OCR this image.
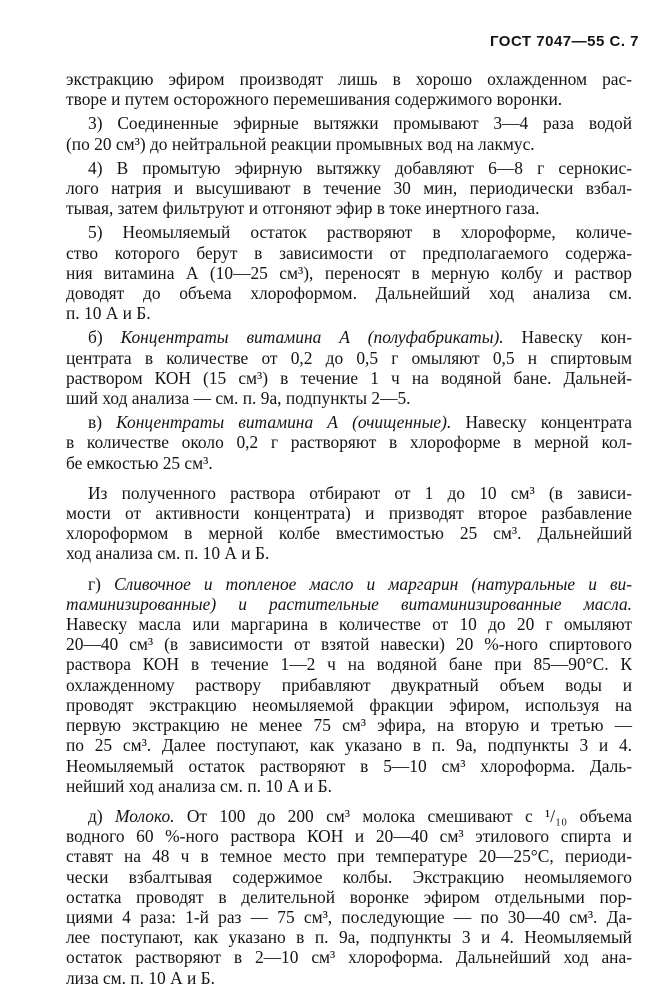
ГОСТ 7047—55 С. 7
экстракцию эфиром производят лишь в хорошо охлажденном рас-
творе и путем осторожного перемешивания содержимого воронки.
3) Соединенные эфирные вытяжки промывают 3—4 раза водой
(по 20 см³) до нейтральной реакции промывных вод на лакмус.
4) В промытую эфирную вытяжку добавляют 6—8 г сернокис-
лого натрия и высушивают в течение 30 мин, периодически взбал-
тывая, затем фильтруют и отгоняют эфир в токе инертного газа.
5) Неомыляемый остаток растворяют в хлороформе, количе-
ство которого берут в зависимости от предполагаемого содержа-
ния витамина А (10—25 см³), переносят в мерную колбу и раствор
доводят до объема хлороформом. Дальнейший ход анализа см.
п. 10 А и Б.
б) Концентраты витамина А (полуфабрикаты). Навеску кон-
центрата в количестве от 0,2 до 0,5 г омыляют 0,5 н спиртовым
раствором КОН (15 см³) в течение 1 ч на водяной бане. Дальней-
ший ход анализа — см. п. 9а, подпункты 2—5.
в) Концентраты витамина А (очищенные). Навеску концентрата
в количестве около 0,2 г растворяют в хлороформе в мерной кол-
бе емкостью 25 см³.
Из полученного раствора отбирают от 1 до 10 см³ (в зависи-
мости от активности концентрата) и призводят второе разбавление
хлороформом в мерной колбе вместимостью 25 см³. Дальнейший
ход анализа см. п. 10 А и Б.
г) Сливочное и топленое масло и маргарин (натуральные и ви-
таминизированные) и растительные витаминизированные масла.
Навеску масла или маргарина в количестве от 10 до 20 г омыляют
20—40 см³ (в зависимости от взятой навески) 20 %-ного спиртового
раствора КОН в течение 1—2 ч на водяной бане при 85—90°С. К
охлажденному раствору прибавляют двукратный объем воды и
проводят экстракцию неомыляемой фракции эфиром, используя на
первую экстракцию не менее 75 см³ эфира, на вторую и третью —
по 25 см³. Далее поступают, как указано в п. 9а, подпункты 3 и 4.
Неомыляемый остаток растворяют в 5—10 см³ хлороформа. Даль-
нейший ход анализа см. п. 10 А и Б.
д) Молоко. От 100 до 200 см³ молока смешивают с ¹/₁₀ объема
водного 60 %-ного раствора КОН и 20—40 см³ этилового спирта и
ставят на 48 ч в темное место при температуре 20—25°С, периоди-
чески взбалтывая содержимое колбы. Экстракцию неомыляемого
остатка проводят в делительной воронке эфиром отдельными пор-
циями 4 раза: 1-й раз — 75 см³, последующие — по 30—40 см³. Да-
лее поступают, как указано в п. 9а, подпункты 3 и 4. Неомыляемый
остаток растворяют в 2—10 см³ хлороформа. Дальнейший ход ана-
лиза см. п. 10 А и Б.
